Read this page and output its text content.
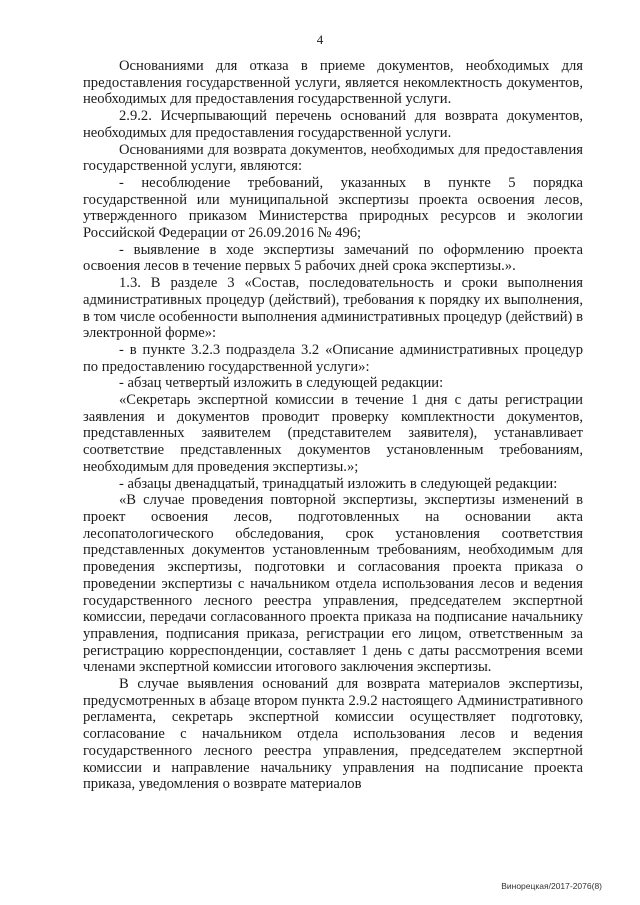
4

Основаниями для отказа в приеме документов, необходимых для предоставления государственной услуги, является некомлектность документов, необходимых для предоставления государственной услуги.

2.9.2. Исчерпывающий перечень оснований для возврата документов, необходимых для предоставления государственной услуги.

Основаниями для возврата документов, необходимых для предоставления государственной услуги, являются:

- несоблюдение требований, указанных в пункте 5 порядка государственной или муниципальной экспертизы проекта освоения лесов, утвержденного приказом Министерства природных ресурсов и экологии Российской Федерации от 26.09.2016 № 496;

- выявление в ходе экспертизы замечаний по оформлению проекта освоения лесов в течение первых 5 рабочих дней срока экспертизы.».

1.3. В разделе 3 «Состав, последовательность и сроки выполнения административных процедур (действий), требования к порядку их выполнения, в том числе особенности выполнения административных процедур (действий) в электронной форме»:

- в пункте 3.2.3 подраздела 3.2 «Описание административных процедур по предоставлению государственной услуги»:

- абзац четвертый изложить в следующей редакции:

«Секретарь экспертной комиссии в течение 1 дня с даты регистрации заявления и документов проводит проверку комплектности документов, представленных заявителем (представителем заявителя), устанавливает соответствие представленных документов установленным требованиям, необходимым для проведения экспертизы.»;

- абзацы двенадцатый, тринадцатый изложить в следующей редакции:

«В случае проведения повторной экспертизы, экспертизы изменений в проект освоения лесов, подготовленных на основании акта лесопатологического обследования, срок установления соответствия представленных документов установленным требованиям, необходимым для проведения экспертизы, подготовки и согласования проекта приказа о проведении экспертизы с начальником отдела использования лесов и ведения государственного лесного реестра управления, председателем экспертной комиссии, передачи согласованного проекта приказа на подписание начальнику управления, подписания приказа, регистрации его лицом, ответственным за регистрацию корреспонденции, составляет 1 день с даты рассмотрения всеми членами экспертной комиссии итогового заключения экспертизы.

В случае выявления оснований для возврата материалов экспертизы, предусмотренных в абзаце втором пункта 2.9.2 настоящего Административного регламента, секретарь экспертной комиссии осуществляет подготовку, согласование с начальником отдела использования лесов и ведения государственного лесного реестра управления, председателем экспертной комиссии и направление начальнику управления на подписание проекта приказа, уведомления о возврате материалов

Винорецкая/2017-2076(8)
